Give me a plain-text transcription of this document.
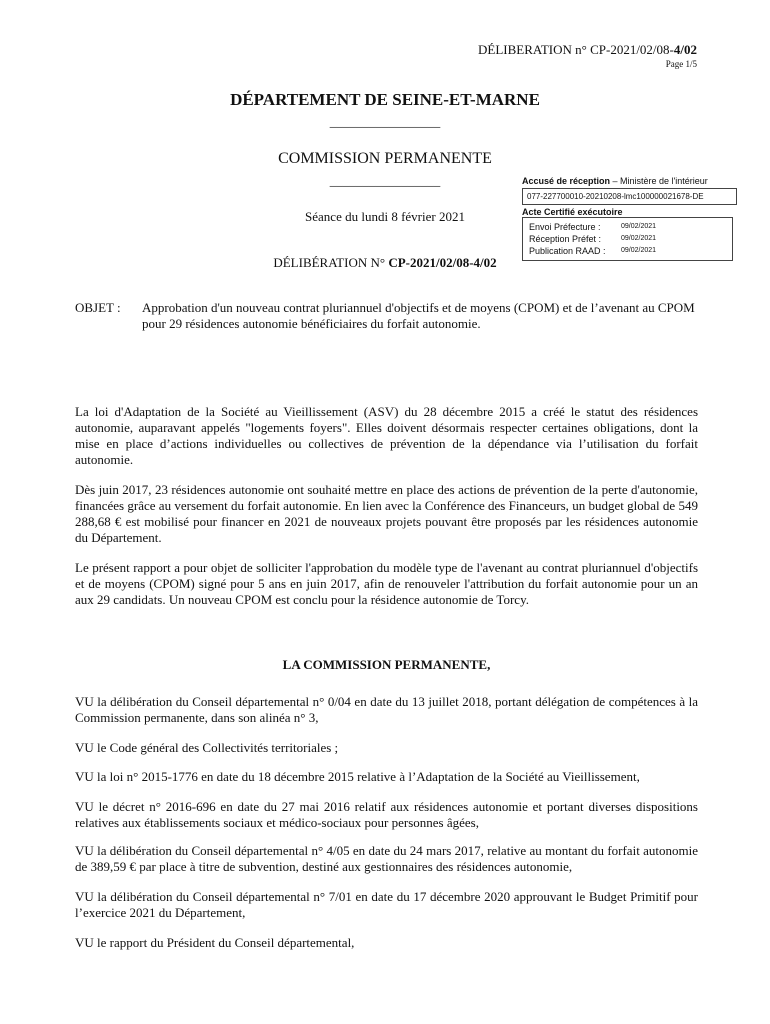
DÉLIBERATION n° CP-2021/02/08-4/02
Page 1/5
DÉPARTEMENT DE SEINE-ET-MARNE
_________________
COMMISSION PERMANENTE
_________________
Séance du lundi 8 février 2021
DÉLIBÉRATION N° CP-2021/02/08-4/02
Accusé de réception – Ministère de l'intérieur
077-227700010-20210208-lmc100000021678-DE
Acte Certifié exécutoire
Envoi Préfecture :	09/02/2021
Réception Préfet :	09/02/2021
Publication RAAD :	09/02/2021
OBJET :	Approbation d'un nouveau contrat pluriannuel d'objectifs et de moyens (CPOM) et de l’avenant au CPOM pour 29 résidences autonomie bénéficiaires du forfait autonomie.
La loi d'Adaptation de la Société au Vieillissement (ASV) du 28 décembre 2015 a créé le statut des résidences autonomie, auparavant appelés "logements foyers". Elles doivent désormais respecter certaines obligations, dont la mise en place d’actions individuelles ou collectives de prévention de la dépendance via l’utilisation du forfait autonomie.
Dès juin 2017, 23 résidences autonomie ont souhaité mettre en place des actions de prévention de la perte d'autonomie, financées grâce au versement du forfait autonomie. En lien avec la Conférence des Financeurs, un budget global de 549 288,68 € est mobilisé pour financer en 2021 de nouveaux projets pouvant être proposés par les résidences autonomie du Département.
Le présent rapport a pour objet de solliciter l'approbation du modèle type de l'avenant au contrat pluriannuel d'objectifs et de moyens (CPOM) signé pour 5 ans en juin 2017, afin de renouveler l'attribution du forfait autonomie pour un an aux 29 candidats. Un nouveau CPOM est conclu pour la résidence autonomie de Torcy.
LA COMMISSION PERMANENTE,
VU la délibération du Conseil départemental n° 0/04 en date du 13 juillet 2018, portant délégation de compétences à la Commission permanente, dans son alinéa n° 3,
VU le Code général des Collectivités territoriales ;
VU la loi n° 2015-1776 en date du 18 décembre 2015 relative à l’Adaptation de la Société au Vieillissement,
VU le décret n° 2016-696 en date du 27 mai 2016 relatif aux résidences autonomie et portant diverses dispositions relatives aux établissements sociaux et médico-sociaux pour personnes âgées,
VU la délibération du Conseil départemental n° 4/05 en date du 24 mars 2017, relative au montant du forfait autonomie de 389,59 € par place à titre de subvention, destiné aux gestionnaires des résidences autonomie,
VU la délibération du Conseil départemental n° 7/01 en date du 17 décembre 2020 approuvant le Budget Primitif pour l’exercice 2021 du Département,
VU le rapport du Président du Conseil départemental,
